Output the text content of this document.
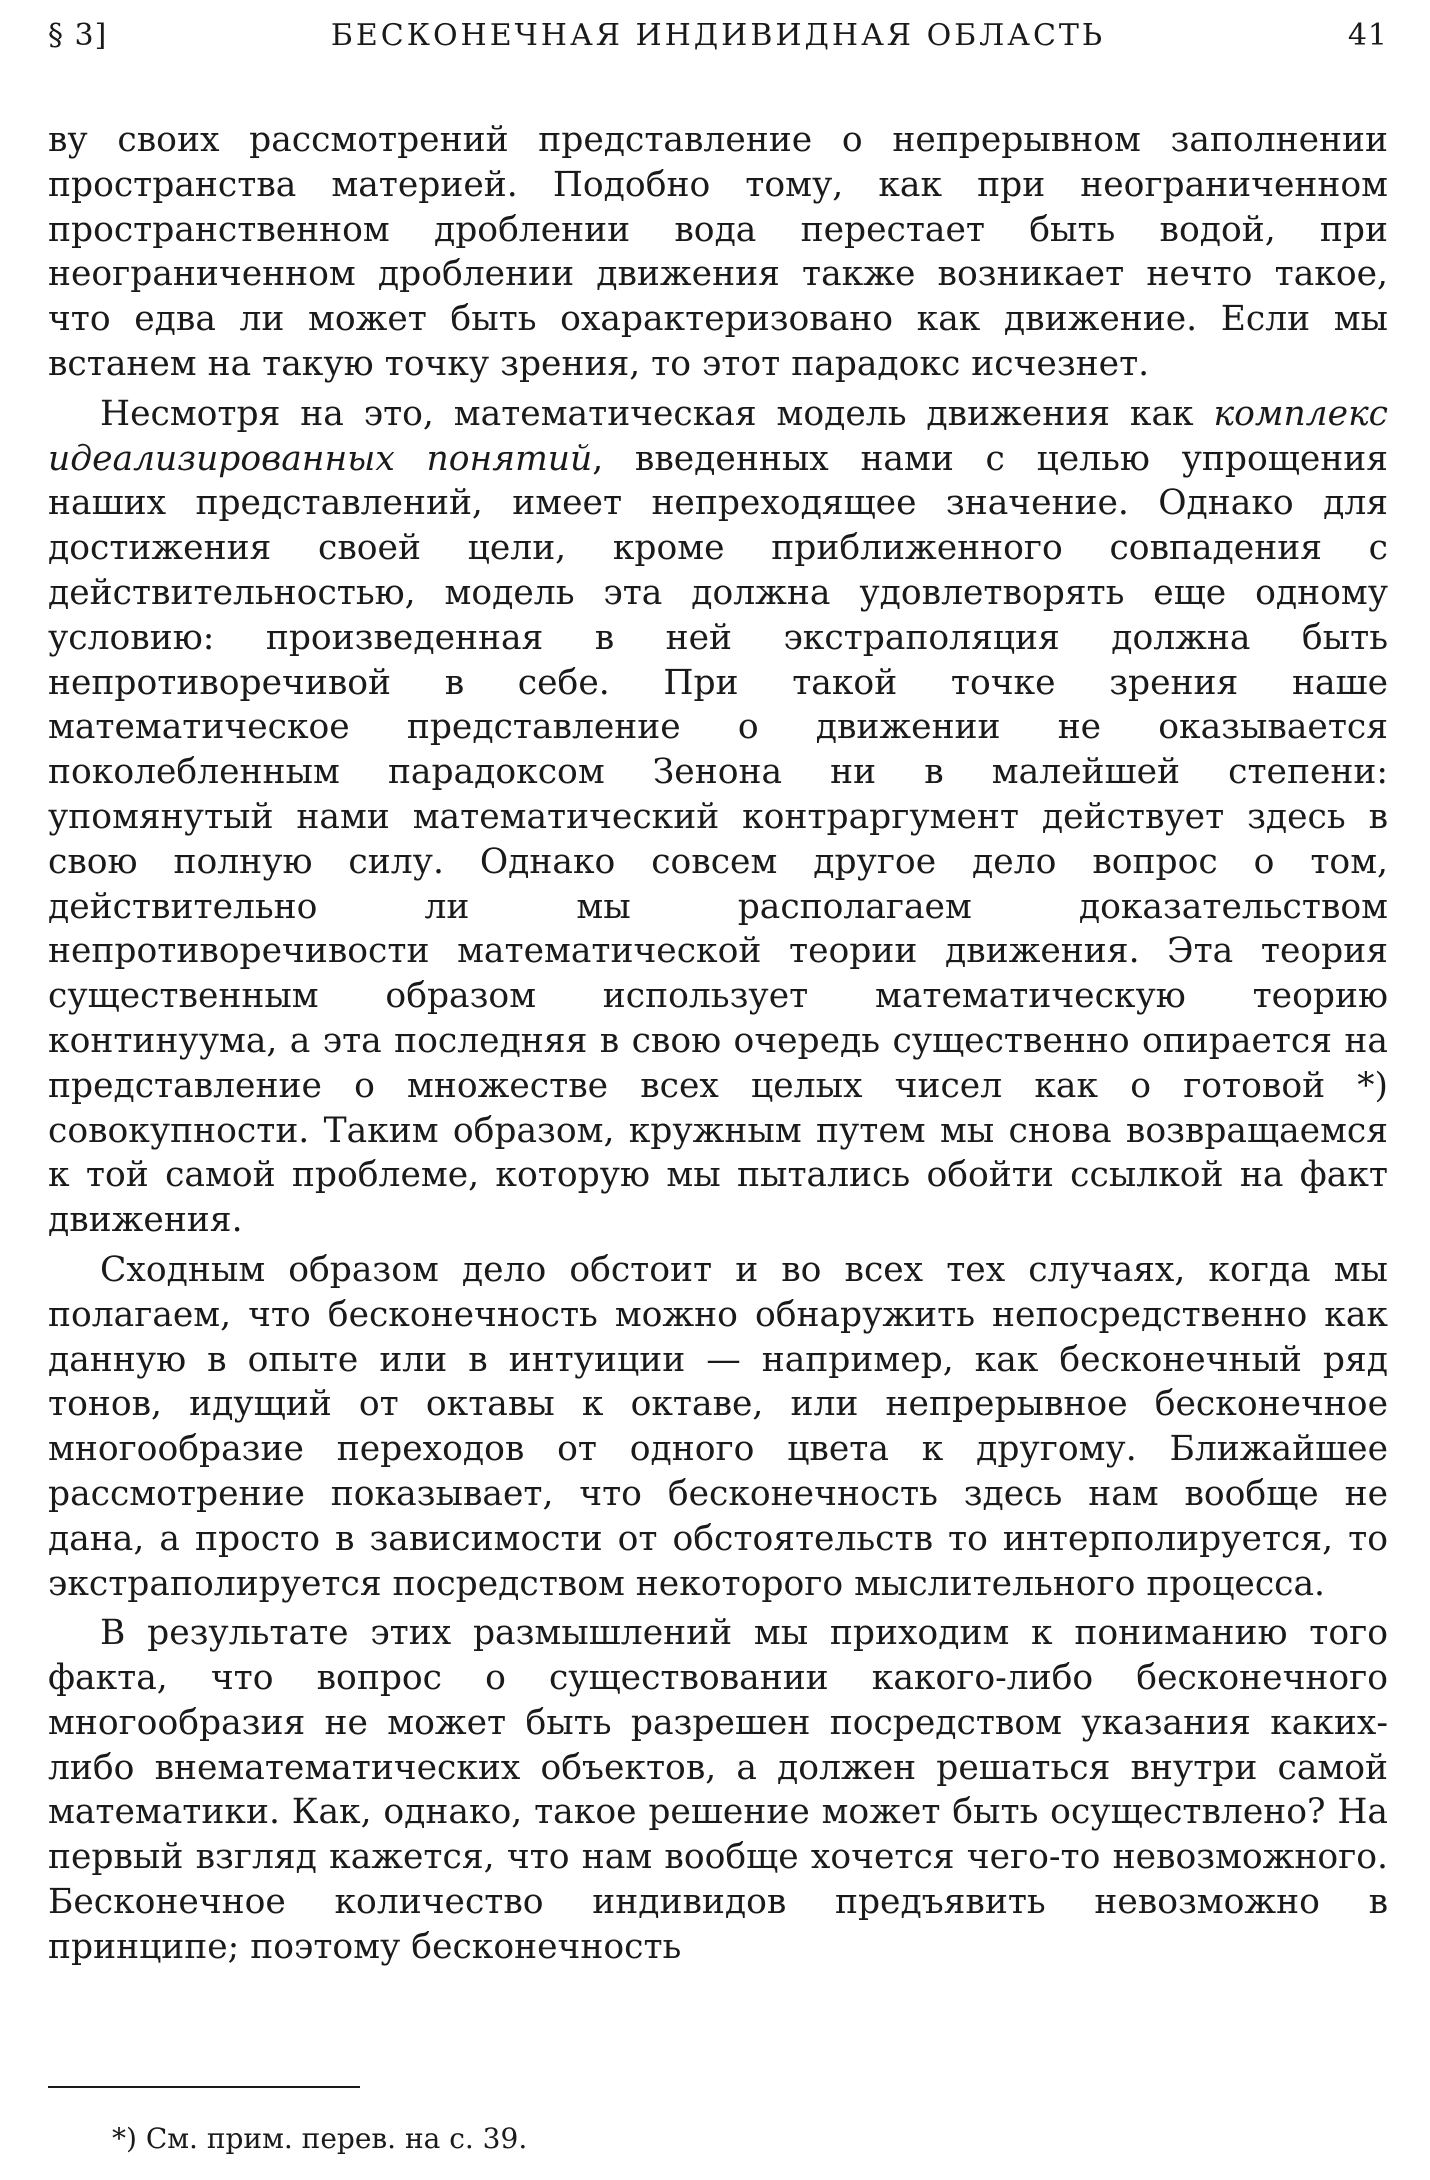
§ 3]	БЕСКОНЕЧНАЯ ИНДИВИДНАЯ ОБЛАСТЬ	41

ву своих рассмотрений представление о непрерывном заполнении пространства материей. Подобно тому, как при неограниченном пространственном дроблении вода перестает быть водой, при неограниченном дроблении движения также возникает нечто такое, что едва ли может быть охарактеризовано как движение. Если мы встанем на такую точку зрения, то этот парадокс исчезнет.

Несмотря на это, математическая модель движения как комплекс идеализированных понятий, введенных нами с целью упрощения наших представлений, имеет непреходящее значение. Однако для достижения своей цели, кроме приближенного совпадения с действительностью, модель эта должна удовлетворять еще одному условию: произведенная в ней экстраполяция должна быть непротиворечивой в себе. При такой точке зрения наше математическое представление о движении не оказывается поколебленным парадоксом Зенона ни в малейшей степени: упомянутый нами математический контраргумент действует здесь в свою полную силу. Однако совсем другое дело вопрос о том, действительно ли мы располагаем доказательством непротиворечивости математической теории движения. Эта теория существенным образом использует математическую теорию континуума, а эта последняя в свою очередь существенно опирается на представление о множестве всех целых чисел как о готовой *) совокупности. Таким образом, кружным путем мы снова возвращаемся к той самой проблеме, которую мы пытались обойти ссылкой на факт движения.

Сходным образом дело обстоит и во всех тех случаях, когда мы полагаем, что бесконечность можно обнаружить непосредственно как данную в опыте или в интуиции — например, как бесконечный ряд тонов, идущий от октавы к октаве, или непрерывное бесконечное многообразие переходов от одного цвета к другому. Ближайшее рассмотрение показывает, что бесконечность здесь нам вообще не дана, а просто в зависимости от обстоятельств то интерполируется, то экстраполируется посредством некоторого мыслительного процесса.

В результате этих размышлений мы приходим к пониманию того факта, что вопрос о существовании какого-либо бесконечного многообразия не может быть разрешен посредством указания каких-либо внематематических объектов, а должен решаться внутри самой математики. Как, однако, такое решение может быть осуществлено? На первый взгляд кажется, что нам вообще хочется чего-то невозможного. Бесконечное количество индивидов предъявить невозможно в принципе; поэтому бесконечность

*) См. прим. перев. на с. 39.
